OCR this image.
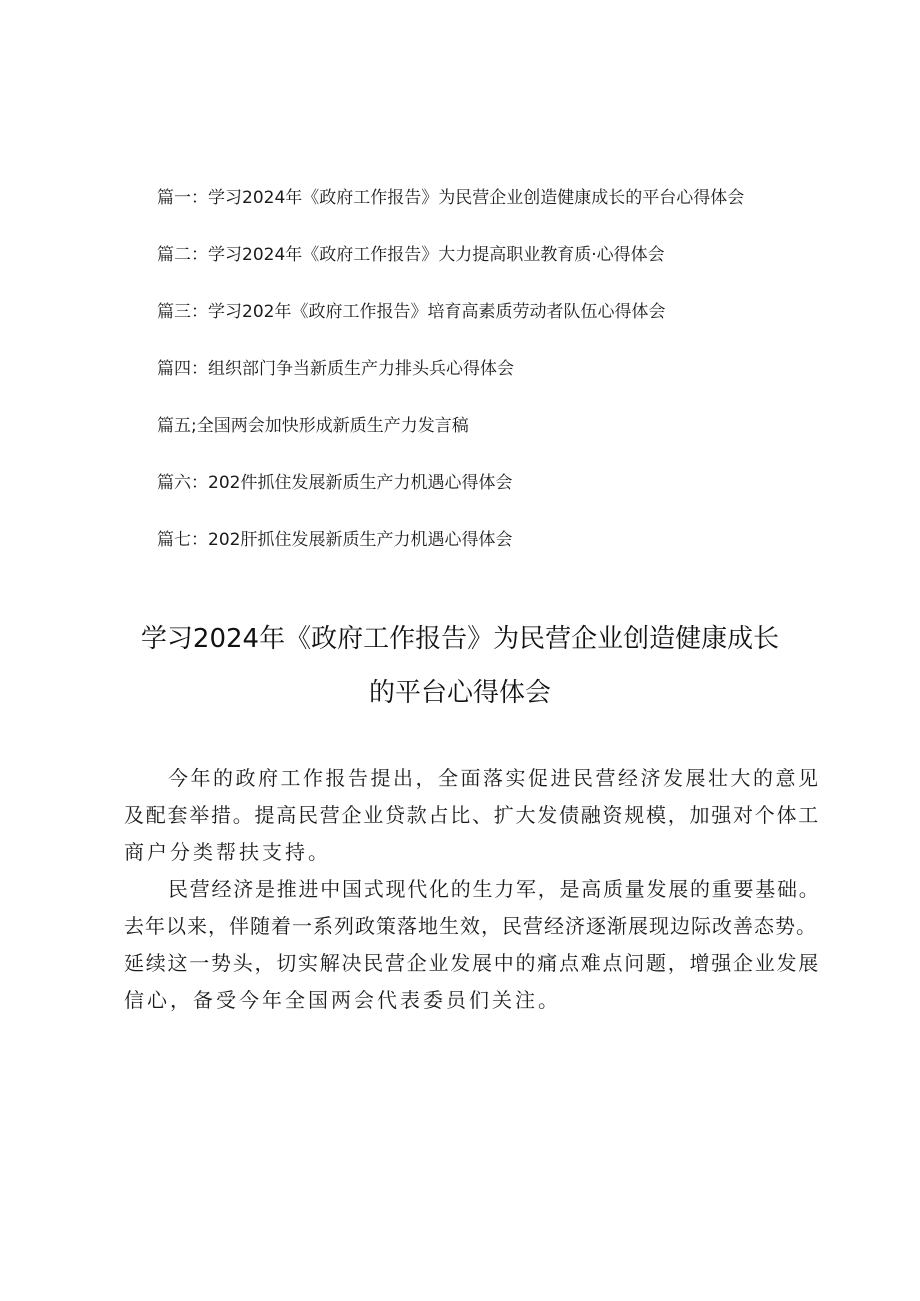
篇一：学习2024年《政府工作报告》为民营企业创造健康成长的平台心得体会
篇二：学习2024年《政府工作报告》大力提高职业教育质·心得体会
篇三：学习202年《政府工作报告》培育高素质劳动者队伍心得体会
篇四：组织部门争当新质生产力排头兵心得体会
篇五;全国两会加快形成新质生产力发言稿
篇六：202件抓住发展新质生产力机遇心得体会
篇七：202肝抓住发展新质生产力机遇心得体会
学习2024年《政府工作报告》为民营企业创造健康成长
的平台心得体会
今年的政府工作报告提出，全面落实促进民营经济发展壮大的意见
及配套举措。提高民营企业贷款占比、扩大发债融资规模，加强对个体工
商户分类帮扶支持。
民营经济是推进中国式现代化的生力军，是高质量发展的重要基础。
去年以来，伴随着一系列政策落地生效，民营经济逐渐展现边际改善态势。
延续这一势头，切实解决民营企业发展中的痛点难点问题，增强企业发展
信心，备受今年全国两会代表委员们关注。
